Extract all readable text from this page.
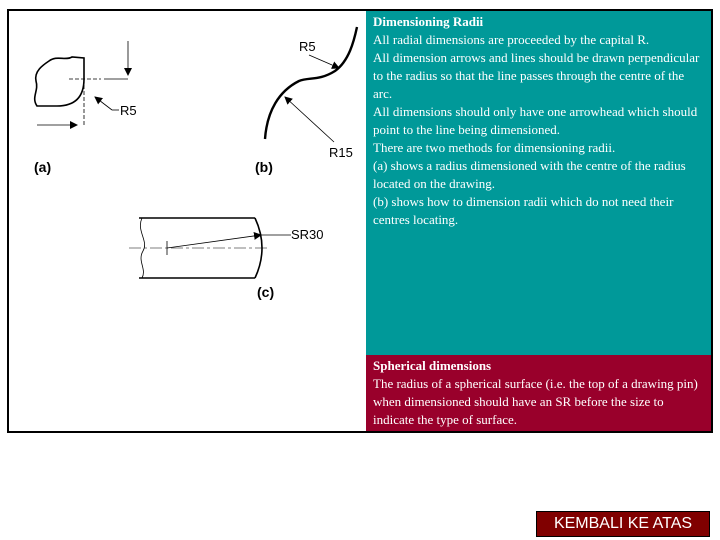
R5
(a)
R5
R15
(b)
SR30
(c)

Dimensioning Radii

All radial dimensions are proceeded by the capital R.

All dimension arrows and lines should be drawn perpendicular to the radius so that the line passes through the centre of the arc.

All dimensions should only have one arrowhead which should point to the line being dimensioned.

There are two methods for dimensioning radii.

(a) shows a radius dimensioned with the centre of the radius located on the drawing.

(b) shows how to dimension radii which do not need their centres locating.

Spherical dimensions

The radius of a spherical surface (i.e. the top of a drawing pin) when dimensioned should have an SR before the size to indicate the type of surface.

KEMBALI KE ATAS
